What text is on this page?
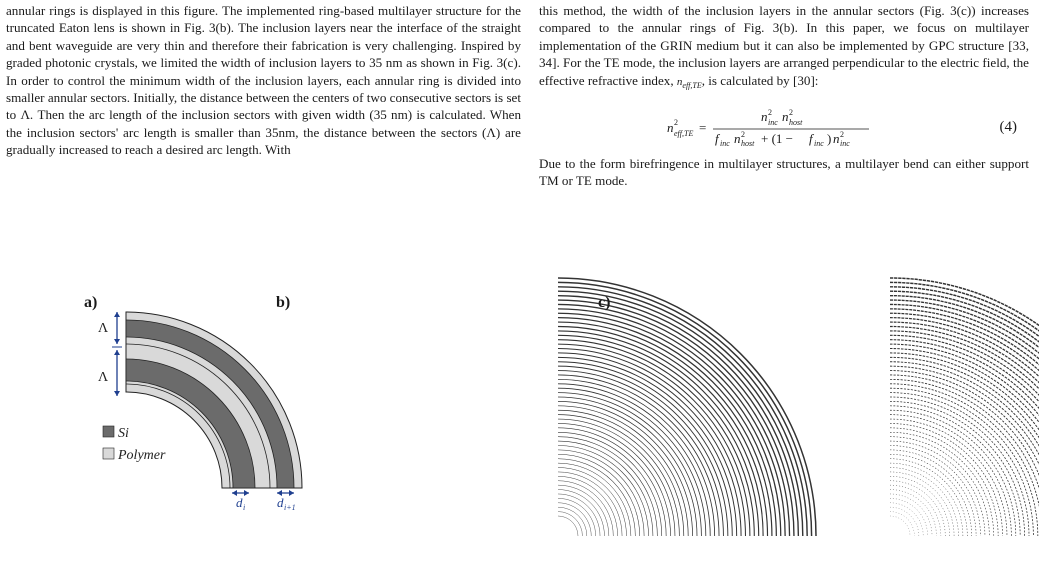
annular rings is displayed in this figure. The implemented ring-based multilayer structure for the truncated Eaton lens is shown in Fig. 3(b). The inclusion layers near the interface of the straight and bent waveguide are very thin and therefore their fabrication is very challenging. Inspired by graded photonic crystals, we limited the width of inclusion layers to 35 nm as shown in Fig. 3(c). In order to control the minimum width of the inclusion layers, each annular ring is divided into smaller annular sectors. Initially, the distance between the centers of two consecutive sectors is set to Λ. Then the arc length of the inclusion sectors with given width (35 nm) is calculated. When the inclusion sectors' arc length is smaller than 35nm, the distance between the sectors (Λ) are gradually increased to reach a desired arc length. With

this method, the width of the inclusion layers in the annular sectors (Fig. 3(c)) increases compared to the annular rings of Fig. 3(b). In this paper, we focus on multilayer implementation of the GRIN medium but it can also be implemented by GPC structure [33, 34]. For the TE mode, the inclusion layers are arranged perpendicular to the electric field, the effective refractive index, $n_{eff,TE}$, is calculated by [30]:

n 2
eff,TE =
n 2
inc n 2
host
f inc n 2
host + (1 − f inc ) n 2
inc
(4)

Due to the form birefringence in multilayer structures, a multilayer bend can either support TM or TE mode.

Λ
Λ
Si
Polymer
d i d i+1
a)	b)	c)
